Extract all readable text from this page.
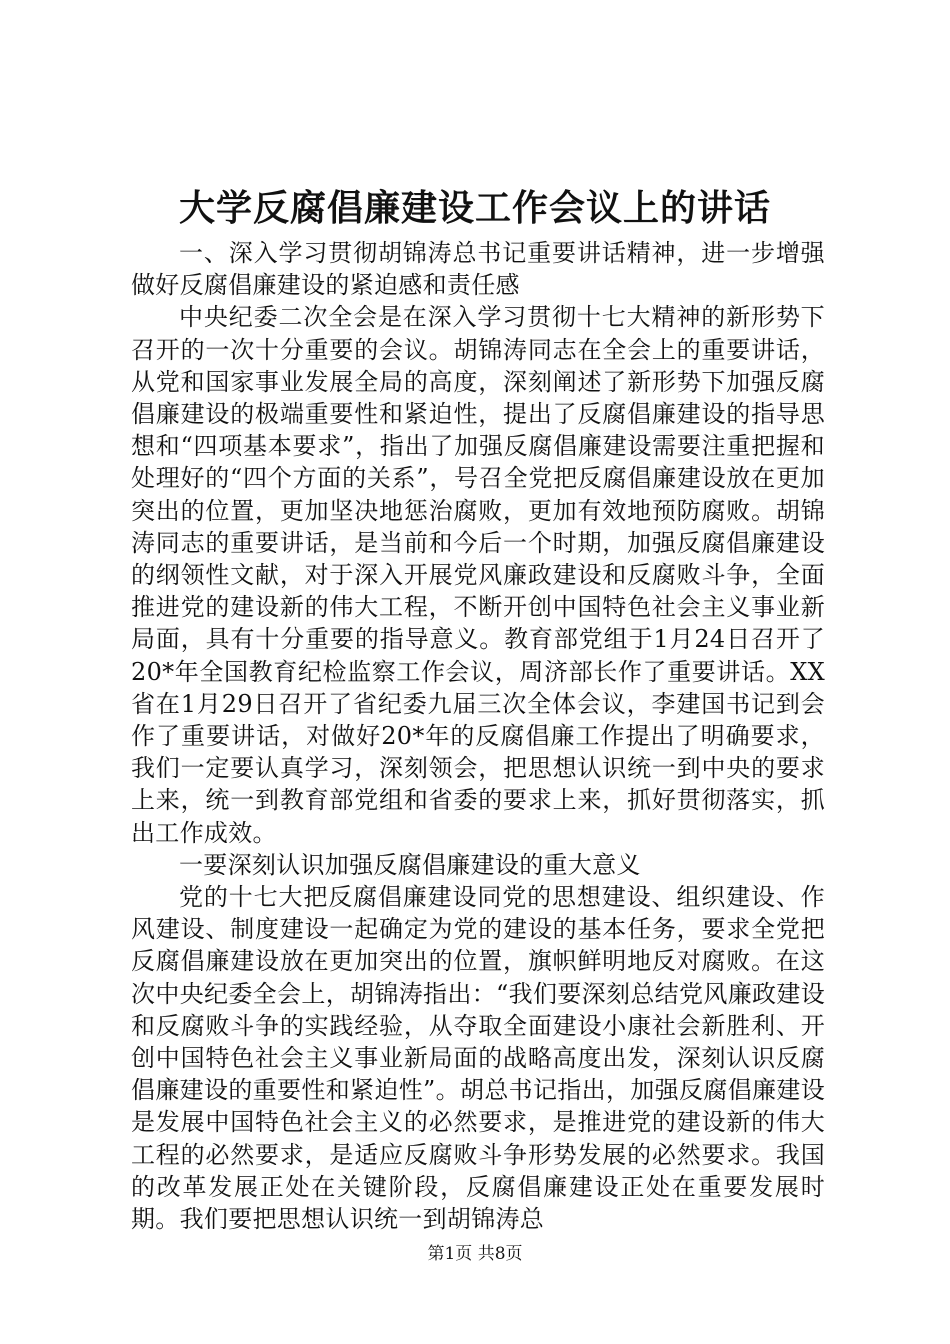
大学反腐倡廉建设工作会议上的讲话

一、深入学习贯彻胡锦涛总书记重要讲话精神，进一步增强做好反腐倡廉建设的紧迫感和责任感

中央纪委二次全会是在深入学习贯彻十七大精神的新形势下召开的一次十分重要的会议。胡锦涛同志在全会上的重要讲话，从党和国家事业发展全局的高度，深刻阐述了新形势下加强反腐倡廉建设的极端重要性和紧迫性，提出了反腐倡廉建设的指导思想和“四项基本要求”，指出了加强反腐倡廉建设需要注重把握和处理好的“四个方面的关系”，号召全党把反腐倡廉建设放在更加突出的位置，更加坚决地惩治腐败，更加有效地预防腐败。胡锦涛同志的重要讲话，是当前和今后一个时期，加强反腐倡廉建设的纲领性文献，对于深入开展党风廉政建设和反腐败斗争，全面推进党的建设新的伟大工程，不断开创中国特色社会主义事业新局面，具有十分重要的指导意义。教育部党组于1月24日召开了20*年全国教育纪检监察工作会议，周济部长作了重要讲话。XX省在1月29日召开了省纪委九届三次全体会议，李建国书记到会作了重要讲话，对做好20*年的反腐倡廉工作提出了明确要求，我们一定要认真学习，深刻领会，把思想认识统一到中央的要求上来，统一到教育部党组和省委的要求上来，抓好贯彻落实，抓出工作成效。

一要深刻认识加强反腐倡廉建设的重大意义

党的十七大把反腐倡廉建设同党的思想建设、组织建设、作风建设、制度建设一起确定为党的建设的基本任务，要求全党把反腐倡廉建设放在更加突出的位置，旗帜鲜明地反对腐败。在这次中央纪委全会上，胡锦涛指出：“我们要深刻总结党风廉政建设和反腐败斗争的实践经验，从夺取全面建设小康社会新胜利、开创中国特色社会主义事业新局面的战略高度出发，深刻认识反腐倡廉建设的重要性和紧迫性”。胡总书记指出，加强反腐倡廉建设是发展中国特色社会主义的必然要求，是推进党的建设新的伟大工程的必然要求，是适应反腐败斗争形势发展的必然要求。我国的改革发展正处在关键阶段，反腐倡廉建设正处在重要发展时期。我们要把思想认识统一到胡锦涛总

第1页 共8页
